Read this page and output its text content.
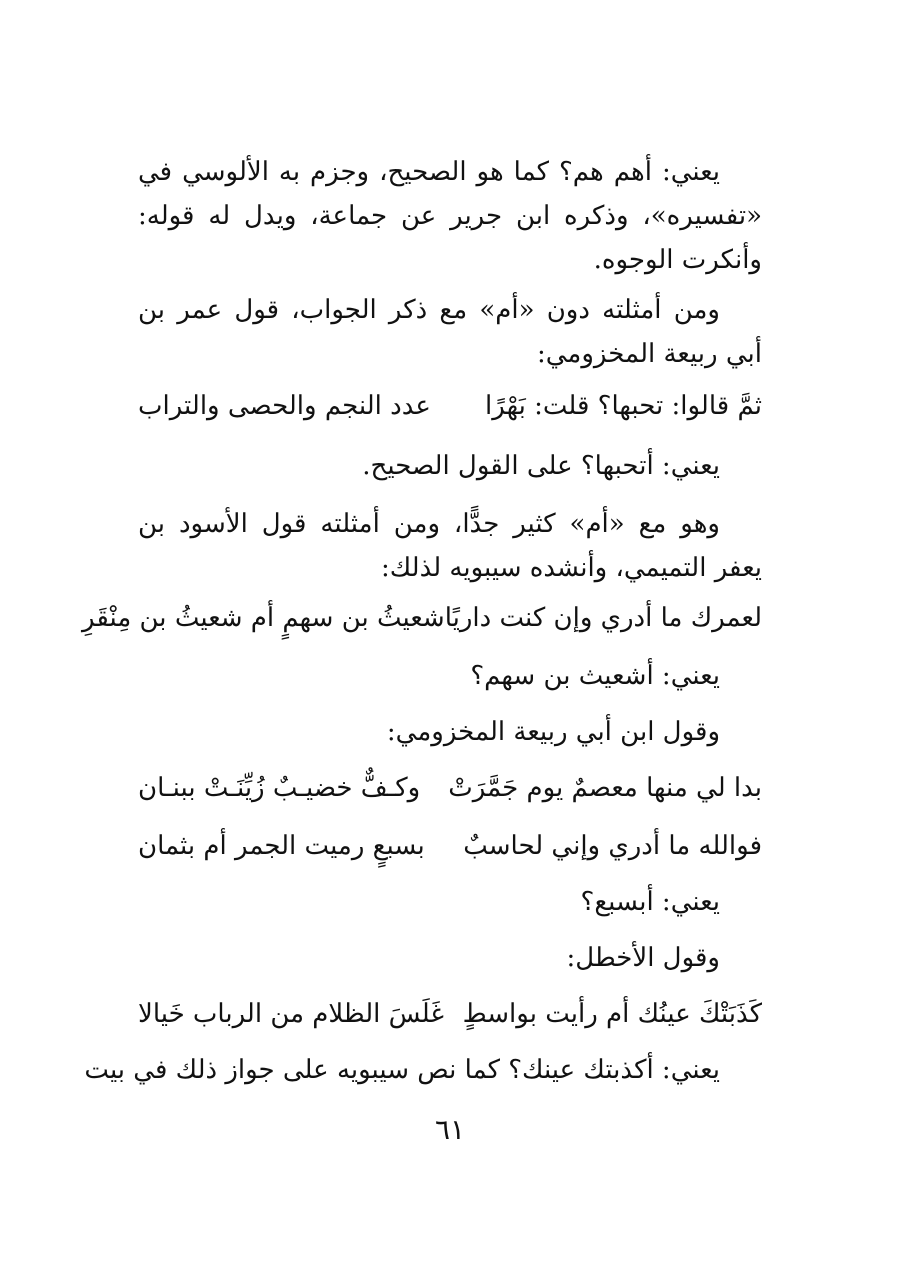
يعني: أهم هم؟ كما هو الصحيح، وجزم به الألوسي في «تفسيره»، وذكره ابن جرير عن جماعة، ويدل له قوله: وأنكرت الوجوه.

ومن أمثلته دون «أم» مع ذكر الجواب، قول عمر بن أبي ربيعة المخزومي:

ثمَّ قالوا: تحبها؟ قلت: بَهْرًا
عدد النجم والحصى والتراب

يعني: أتحبها؟ على القول الصحيح.

وهو مع «أم» كثير جدًّا، ومن أمثلته قول الأسود بن يعفر التميمي، وأنشده سيبويه لذلك:

لعمرك ما أدري وإن كنت داريًا
شعيثُ بن سهمٍ أم شعيثُ بن مِنْقَرِ

يعني: أشعيث بن سهم؟

وقول ابن أبي ربيعة المخزومي:

بدا لي منها معصمٌ يوم جَمَّرَتْ
وكـفٌّ خضيـبٌ زُيِّنَـتْ ببنـان
فوالله ما أدري وإني لحاسبٌ
بسبعٍ رميت الجمر أم بثمان

يعني: أبسبع؟

وقول الأخطل:

كَذَبَتْكَ عينُك أم رأيت بواسطٍ
غَلَسَ الظلام من الرباب خَيالا

يعني: أكذبتك عينك؟ كما نص سيبويه على جواز ذلك في بيت

٦١
